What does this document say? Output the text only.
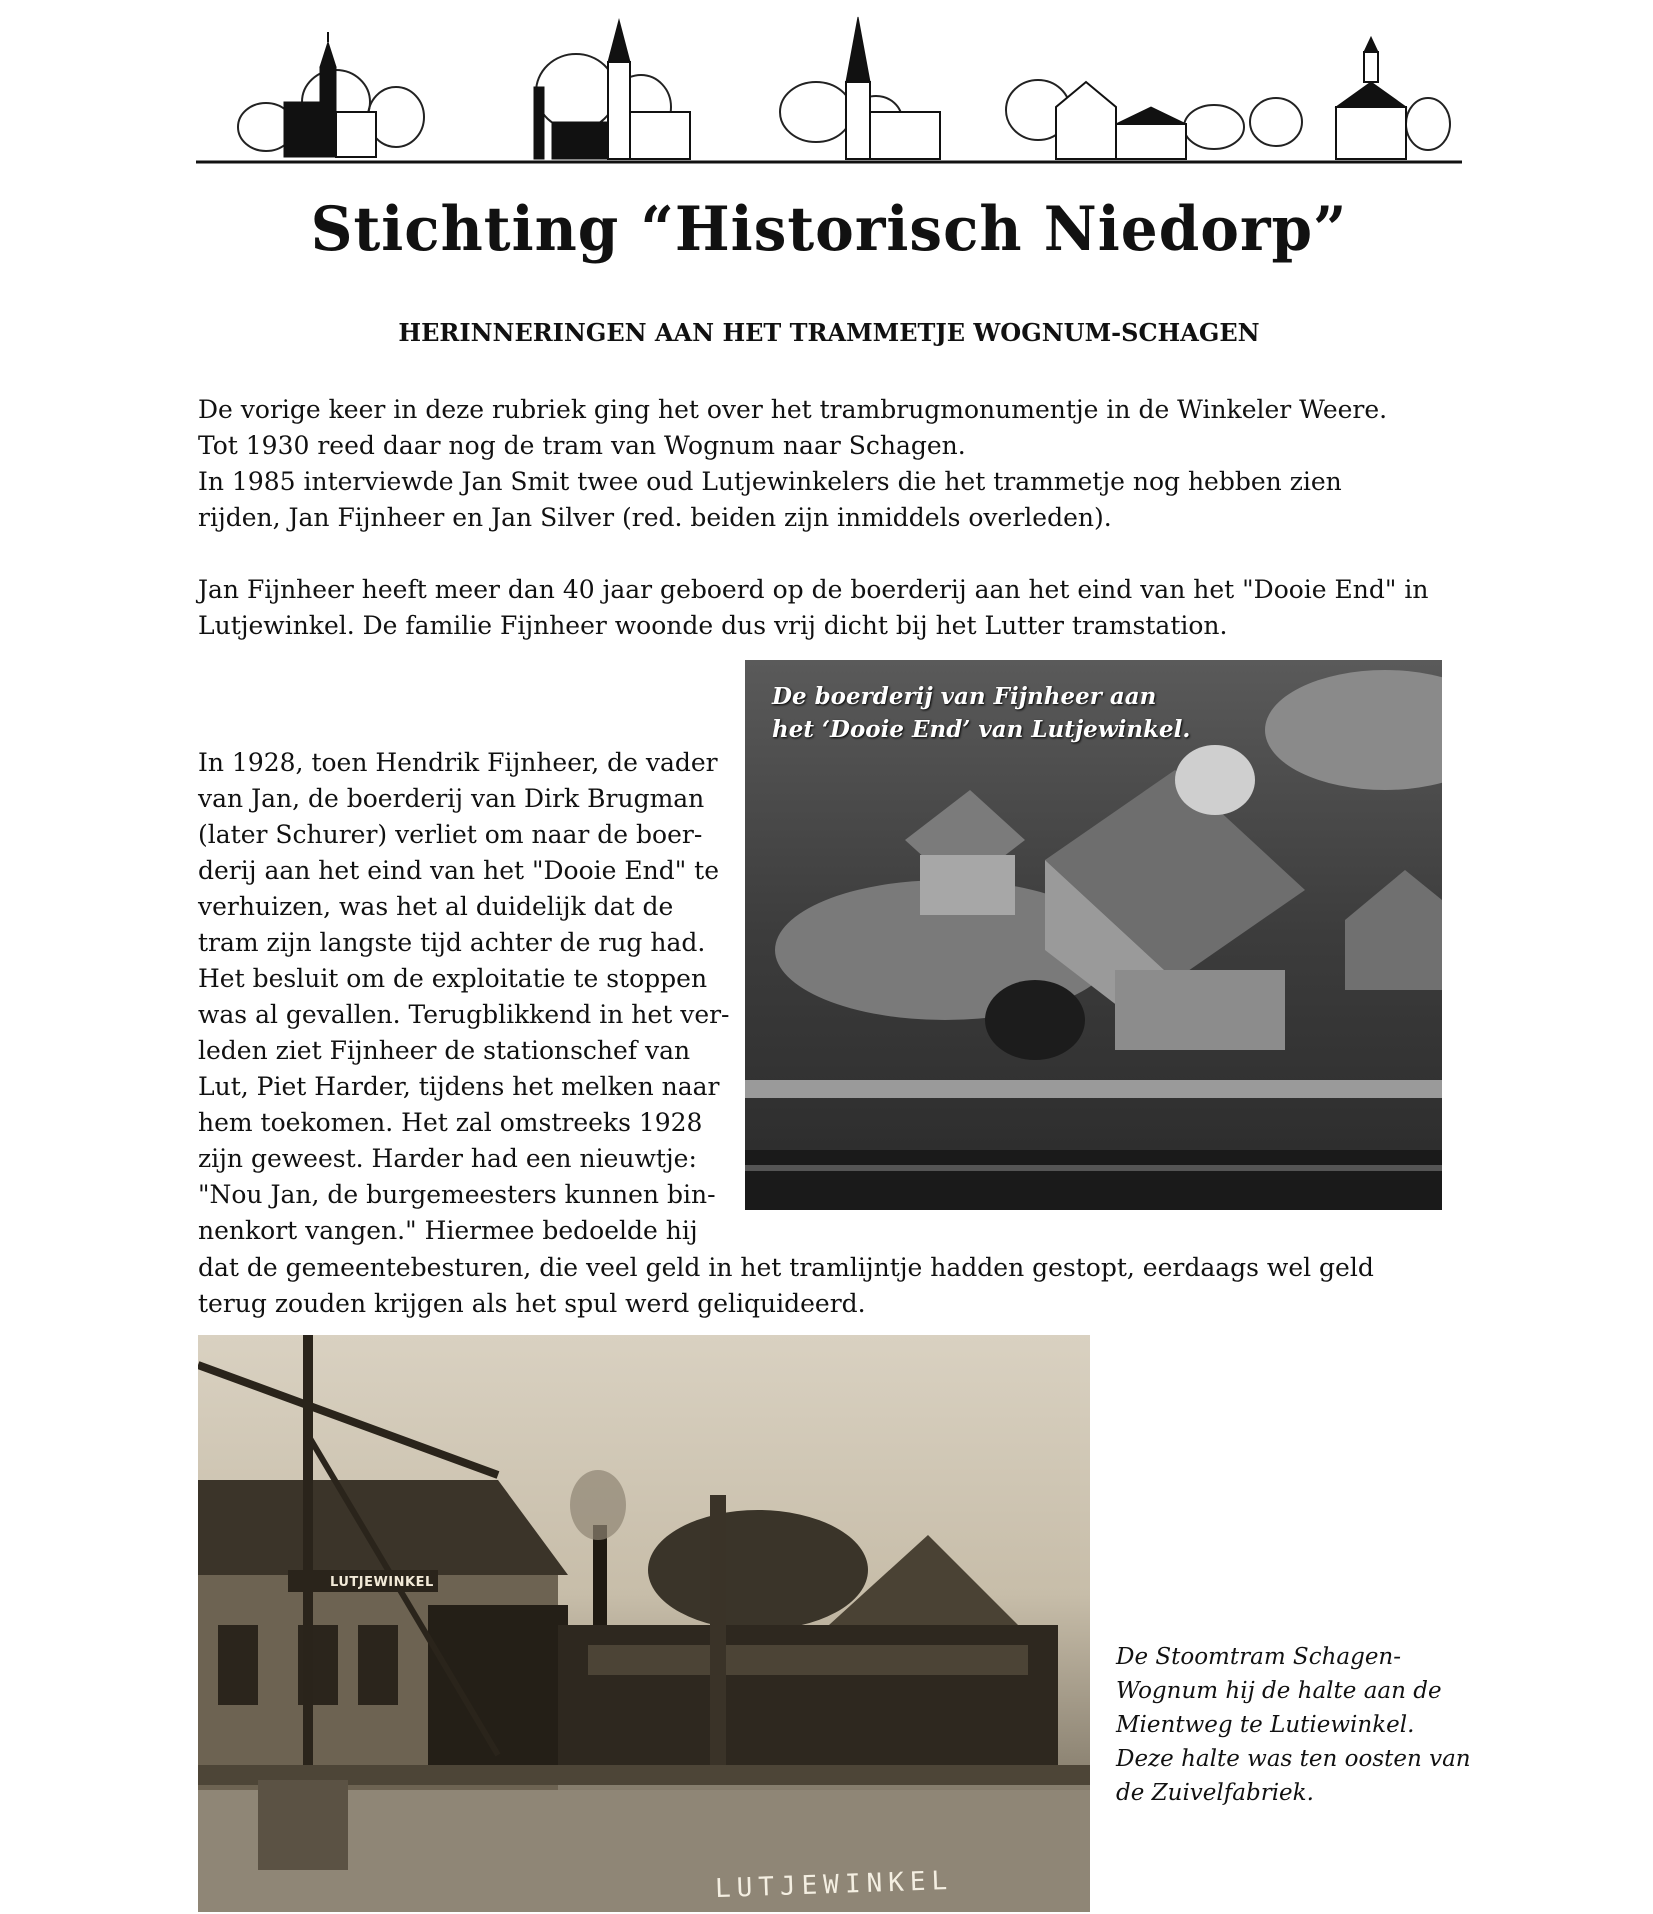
Stichting “Historisch Niedorp”
HERINNERINGEN AAN HET TRAMMETJE WOGNUM-SCHAGEN
De vorige keer in deze rubriek ging het over het trambrugmonumentje in de Winkeler Weere.
Tot 1930 reed daar nog de tram van Wognum naar Schagen.
In 1985 interviewde Jan Smit twee oud Lutjewinkelers die het trammetje nog hebben zien
rijden, Jan Fijnheer en Jan Silver (red. beiden zijn inmiddels overleden).
Jan Fijnheer heeft meer dan 40 jaar geboerd op de boerderij aan het eind van het "Dooie End" in
Lutjewinkel. De familie Fijnheer woonde dus vrij dicht bij het Lutter tramstation.
In 1928, toen Hendrik Fijnheer, de vader
van Jan, de boerderij van Dirk Brugman
(later Schurer) verliet om naar de boer-
derij aan het eind van het "Dooie End" te
verhuizen, was het al duidelijk dat de
tram zijn langste tijd achter de rug had.
Het besluit om de exploitatie te stoppen
was al gevallen. Terugblikkend in het ver-
leden ziet Fijnheer de stationschef van
Lut, Piet Harder, tijdens het melken naar
hem toekomen. Het zal omstreeks 1928
zijn geweest. Harder had een nieuwtje:
"Nou Jan, de burgemeesters kunnen bin-
nenkort vangen." Hiermee bedoelde hij
dat de gemeentebesturen, die veel geld in het tramlijntje hadden gestopt, eerdaags wel geld
terug zouden krijgen als het spul werd geliquideerd.
De boerderij van Fijnheer aan
het ‘Dooie End’ van Lutjewinkel.
LUTJEWINKEL
LUTJEWINKEL
De Stoomtram Schagen-
Wognum hij de halte aan de
Mientweg te Lutiewinkel.
Deze halte was ten oosten van
de Zuivelfabriek.
